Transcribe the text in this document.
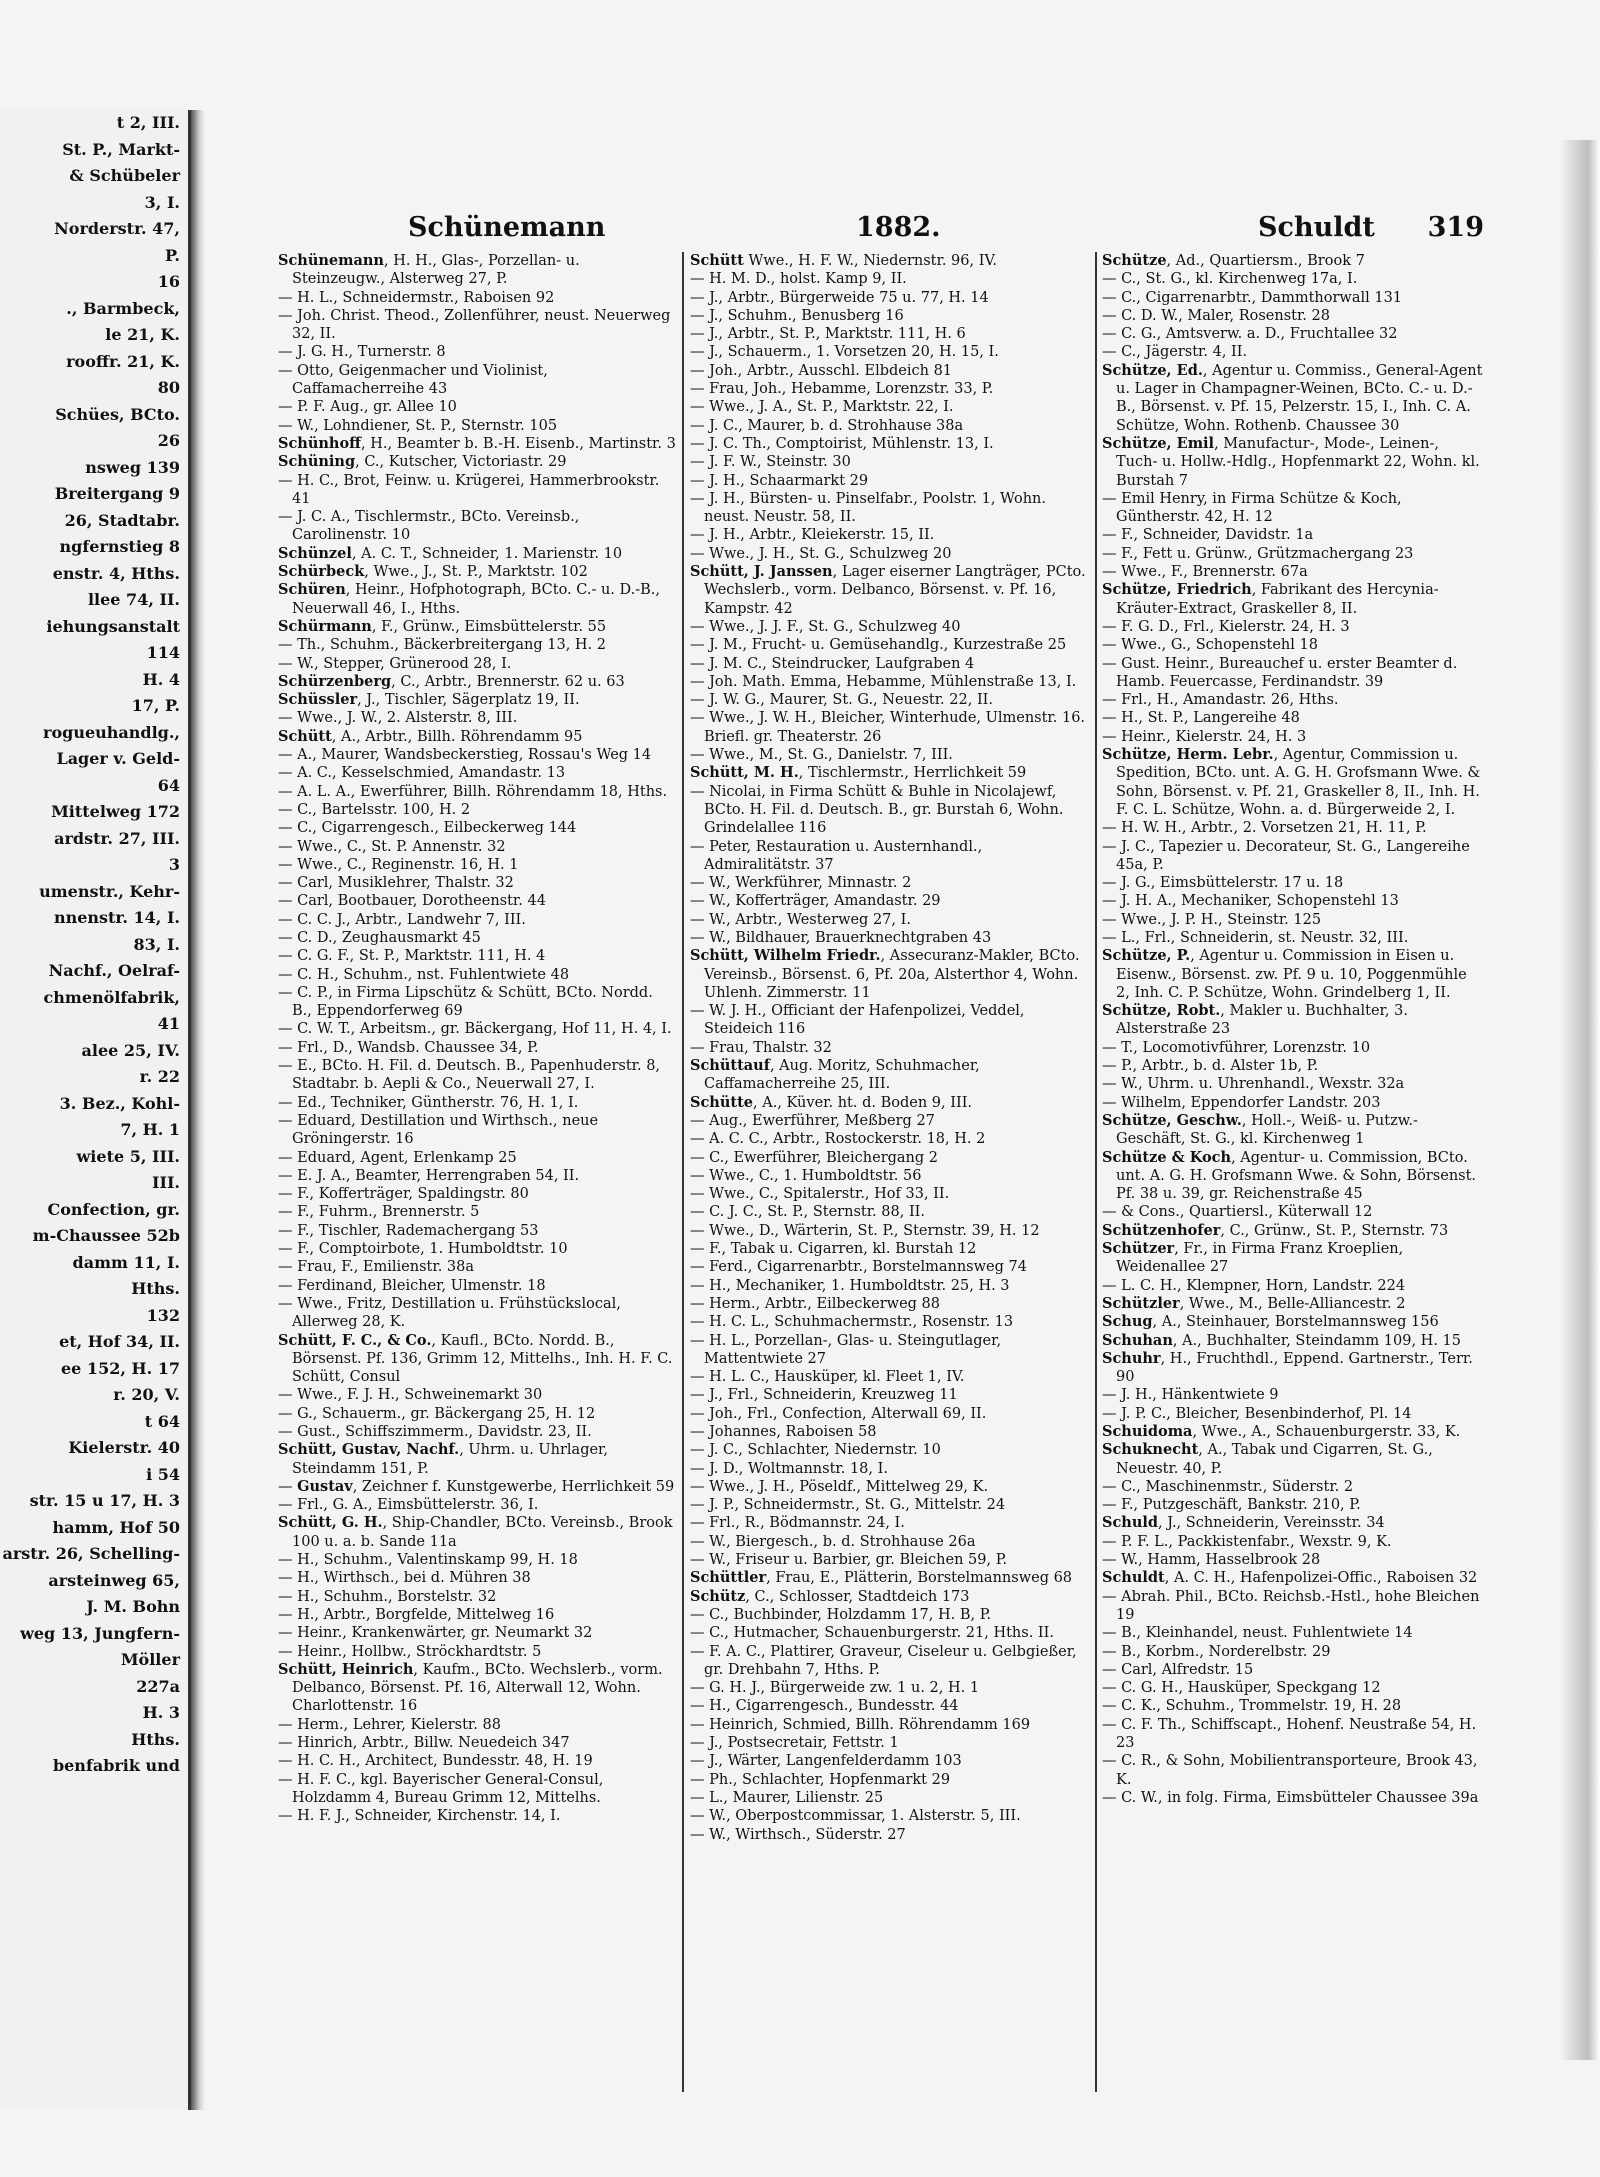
t 2, III.
St. P., Markt-
& Schübeler
3, I.
Norderstr. 47,
P.
16
., Barmbeck,
le 21, K.
rooffr. 21, K.
80
Schües, BCto.
26
nsweg 139
Breitergang 9
26, Stadtabr.
ngfernstieg 8
enstr. 4, Hths.
llee 74, II.
iehungsanstalt
114
H. 4
17, P.
rogueuhandlg.,
Lager v. Geld-
64
Mittelweg 172
ardstr. 27, III.
3
umenstr., Kehr-
nnenstr. 14, I.
83, I.
Nachf., Oelraf-
chmenölfabrik,
41
alee 25, IV.
r. 22
3. Bez., Kohl-
7, H. 1
wiete 5, III.
III.
Confection, gr.
m-Chaussee 52b
damm 11, I.
Hths.
132
et, Hof 34, II.
ee 152, H. 17
r. 20, V.
t 64
Kielerstr. 40
i 54
str. 15 u 17, H. 3
hamm, Hof 50
arstr. 26, Schelling-
arsteinweg 65,
J. M. Bohn
weg 13, Jungfern-
Möller
227a
H. 3
Hths.
benfabrik und
Schünemann	1882.	Schuldt 319

Schünemann, H. H., Glas-, Porzellan- u. Steinzeugw., Alsterweg 27, P.

— H. L., Schneidermstr., Raboisen 92

— Joh. Christ. Theod., Zollenführer, neust. Neuerweg 32, II.

— J. G. H., Turnerstr. 8

— Otto, Geigenmacher und Violinist, Caffamacherreihe 43

— P. F. Aug., gr. Allee 10

— W., Lohndiener, St. P., Sternstr. 105

Schünhoff, H., Beamter b. B.-H. Eisenb., Martinstr. 3

Schüning, C., Kutscher, Victoriastr. 29

— H. C., Brot, Feinw. u. Krügerei, Hammerbrookstr. 41

— J. C. A., Tischlermstr., BCto. Vereinsb., Carolinenstr. 10

Schünzel, A. C. T., Schneider, 1. Marienstr. 10

Schürbeck, Wwe., J., St. P., Marktstr. 102

Schüren, Heinr., Hofphotograph, BCto. C.- u. D.-B., Neuerwall 46, I., Hths.

Schürmann, F., Grünw., Eimsbüttelerstr. 55

— Th., Schuhm., Bäckerbreitergang 13, H. 2

— W., Stepper, Grünerood 28, I.

Schürzenberg, C., Arbtr., Brennerstr. 62 u. 63

Schüssler, J., Tischler, Sägerplatz 19, II.

— Wwe., J. W., 2. Alsterstr. 8, III.

Schütt, A., Arbtr., Billh. Röhrendamm 95

— A., Maurer, Wandsbeckerstieg, Rossau's Weg 14

— A. C., Kesselschmied, Amandastr. 13

— A. L. A., Ewerführer, Billh. Röhrendamm 18, Hths.

— C., Bartelsstr. 100, H. 2

— C., Cigarrengesch., Eilbeckerweg 144

— Wwe., C., St. P. Annenstr. 32

— Wwe., C., Reginenstr. 16, H. 1

— Carl, Musiklehrer, Thalstr. 32

— Carl, Bootbauer, Dorotheenstr. 44

— C. C. J., Arbtr., Landwehr 7, III.

— C. D., Zeughausmarkt 45

— C. G. F., St. P., Marktstr. 111, H. 4

— C. H., Schuhm., nst. Fuhlentwiete 48

— C. P., in Firma Lipschütz & Schütt, BCto. Nordd. B., Eppendorferweg 69

— C. W. T., Arbeitsm., gr. Bäckergang, Hof 11, H. 4, I.

— Frl., D., Wandsb. Chaussee 34, P.

— E., BCto. H. Fil. d. Deutsch. B., Papenhuderstr. 8, Stadtabr. b. Aepli & Co., Neuerwall 27, I.

— Ed., Techniker, Güntherstr. 76, H. 1, I.

— Eduard, Destillation und Wirthsch., neue Gröningerstr. 16

— Eduard, Agent, Erlenkamp 25

— E. J. A., Beamter, Herrengraben 54, II.

— F., Kofferträger, Spaldingstr. 80

— F., Fuhrm., Brennerstr. 5

— F., Tischler, Rademachergang 53

— F., Comptoirbote, 1. Humboldtstr. 10

— Frau, F., Emilienstr. 38a

— Ferdinand, Bleicher, Ulmenstr. 18

— Wwe., Fritz, Destillation u. Frühstückslocal, Allerweg 28, K.

Schütt, F. C., & Co., Kaufl., BCto. Nordd. B., Börsenst. Pf. 136, Grimm 12, Mittelhs., Inh. H. F. C. Schütt, Consul

— Wwe., F. J. H., Schweinemarkt 30

— G., Schauerm., gr. Bäckergang 25, H. 12

— Gust., Schiffszimmerm., Davidstr. 23, II.

Schütt, Gustav, Nachf., Uhrm. u. Uhrlager, Steindamm 151, P.

— Gustav, Zeichner f. Kunstgewerbe, Herrlichkeit 59

— Frl., G. A., Eimsbüttelerstr. 36, I.

Schütt, G. H., Ship-Chandler, BCto. Vereinsb., Brook 100 u. a. b. Sande 11a

— H., Schuhm., Valentinskamp 99, H. 18

— H., Wirthsch., bei d. Mühren 38

— H., Schuhm., Borstelstr. 32

— H., Arbtr., Borgfelde, Mittelweg 16

— Heinr., Krankenwärter, gr. Neumarkt 32

— Heinr., Hollbw., Ströckhardtstr. 5

Schütt, Heinrich, Kaufm., BCto. Wechslerb., vorm. Delbanco, Börsenst. Pf. 16, Alterwall 12, Wohn. Charlottenstr. 16

— Herm., Lehrer, Kielerstr. 88

— Hinrich, Arbtr., Billw. Neuedeich 347

— H. C. H., Architect, Bundesstr. 48, H. 19

— H. F. C., kgl. Bayerischer General-Consul, Holzdamm 4, Bureau Grimm 12, Mittelhs.

— H. F. J., Schneider, Kirchenstr. 14, I.

Schütt Wwe., H. F. W., Niedernstr. 96, IV.

— H. M. D., holst. Kamp 9, II.

— J., Arbtr., Bürgerweide 75 u. 77, H. 14

— J., Schuhm., Benusberg 16

— J., Arbtr., St. P., Marktstr. 111, H. 6

— J., Schauerm., 1. Vorsetzen 20, H. 15, I.

— Joh., Arbtr., Ausschl. Elbdeich 81

— Frau, Joh., Hebamme, Lorenzstr. 33, P.

— Wwe., J. A., St. P., Marktstr. 22, I.

— J. C., Maurer, b. d. Strohhause 38a

— J. C. Th., Comptoirist, Mühlenstr. 13, I.

— J. F. W., Steinstr. 30

— J. H., Schaarmarkt 29

— J. H., Bürsten- u. Pinselfabr., Poolstr. 1, Wohn. neust. Neustr. 58, II.

— J. H., Arbtr., Kleiekerstr. 15, II.

— Wwe., J. H., St. G., Schulzweg 20

Schütt, J. Janssen, Lager eiserner Langträger, PCto. Wechslerb., vorm. Delbanco, Börsenst. v. Pf. 16, Kampstr. 42

— Wwe., J. J. F., St. G., Schulzweg 40

— J. M., Frucht- u. Gemüsehandlg., Kurzestraße 25

— J. M. C., Steindrucker, Laufgraben 4

— Joh. Math. Emma, Hebamme, Mühlenstraße 13, I.

— J. W. G., Maurer, St. G., Neuestr. 22, II.

— Wwe., J. W. H., Bleicher, Winterhude, Ulmenstr. 16. Briefl. gr. Theaterstr. 26

— Wwe., M., St. G., Danielstr. 7, III.

Schütt, M. H., Tischlermstr., Herrlichkeit 59

— Nicolai, in Firma Schütt & Buhle in Nicolajewf, BCto. H. Fil. d. Deutsch. B., gr. Burstah 6, Wohn. Grindelallee 116

— Peter, Restauration u. Austernhandl., Admiralitätstr. 37

— W., Werkführer, Minnastr. 2

— W., Kofferträger, Amandastr. 29

— W., Arbtr., Westerweg 27, I.

— W., Bildhauer, Brauerknechtgraben 43

Schütt, Wilhelm Friedr., Assecuranz-Makler, BCto. Vereinsb., Börsenst. 6, Pf. 20a, Alsterthor 4, Wohn. Uhlenh. Zimmerstr. 11

— W. J. H., Officiant der Hafenpolizei, Veddel, Steideich 116

— Frau, Thalstr. 32

Schüttauf, Aug. Moritz, Schuhmacher, Caffamacherreihe 25, III.

Schütte, A., Küver. ht. d. Boden 9, III.

— Aug., Ewerführer, Meßberg 27

— A. C. C., Arbtr., Rostockerstr. 18, H. 2

— C., Ewerführer, Bleichergang 2

— Wwe., C., 1. Humboldtstr. 56

— Wwe., C., Spitalerstr., Hof 33, II.

— C. J. C., St. P., Sternstr. 88, II.

— Wwe., D., Wärterin, St. P., Sternstr. 39, H. 12

— F., Tabak u. Cigarren, kl. Burstah 12

— Ferd., Cigarrenarbtr., Borstelmannsweg 74

— H., Mechaniker, 1. Humboldtstr. 25, H. 3

— Herm., Arbtr., Eilbeckerweg 88

— H. C. L., Schuhmachermstr., Rosenstr. 13

— H. L., Porzellan-, Glas- u. Steingutlager, Mattentwiete 27

— H. L. C., Hausküper, kl. Fleet 1, IV.

— J., Frl., Schneiderin, Kreuzweg 11

— Joh., Frl., Confection, Alterwall 69, II.

— Johannes, Raboisen 58

— J. C., Schlachter, Niedernstr. 10

— J. D., Woltmannstr. 18, I.

— Wwe., J. H., Pöseldf., Mittelweg 29, K.

— J. P., Schneidermstr., St. G., Mittelstr. 24

— Frl., R., Bödmannstr. 24, I.

— W., Biergesch., b. d. Strohhause 26a

— W., Friseur u. Barbier, gr. Bleichen 59, P.

Schüttler, Frau, E., Plätterin, Borstelmannsweg 68

Schütz, C., Schlosser, Stadtdeich 173

— C., Buchbinder, Holzdamm 17, H. B, P.

— C., Hutmacher, Schauenburgerstr. 21, Hths. II.

— F. A. C., Plattirer, Graveur, Ciseleur u. Gelbgießer, gr. Drehbahn 7, Hths. P.

— G. H. J., Bürgerweide zw. 1 u. 2, H. 1

— H., Cigarrengesch., Bundesstr. 44

— Heinrich, Schmied, Billh. Röhrendamm 169

— J., Postsecretair, Fettstr. 1

— J., Wärter, Langenfelderdamm 103

— Ph., Schlachter, Hopfenmarkt 29

— L., Maurer, Lilienstr. 25

— W., Oberpostcommissar, 1. Alsterstr. 5, III.

— W., Wirthsch., Süderstr. 27

Schütze, Ad., Quartiersm., Brook 7

— C., St. G., kl. Kirchenweg 17a, I.

— C., Cigarrenarbtr., Dammthorwall 131

— C. D. W., Maler, Rosenstr. 28

— C. G., Amtsverw. a. D., Fruchtallee 32

— C., Jägerstr. 4, II.

Schütze, Ed., Agentur u. Commiss., General-Agent u. Lager in Champagner-Weinen, BCto. C.- u. D.-B., Börsenst. v. Pf. 15, Pelzerstr. 15, I., Inh. C. A. Schütze, Wohn. Rothenb. Chaussee 30

Schütze, Emil, Manufactur-, Mode-, Leinen-, Tuch- u. Hollw.-Hdlg., Hopfenmarkt 22, Wohn. kl. Burstah 7

— Emil Henry, in Firma Schütze & Koch, Güntherstr. 42, H. 12

— F., Schneider, Davidstr. 1a

— F., Fett u. Grünw., Grützmachergang 23

— Wwe., F., Brennerstr. 67a

Schütze, Friedrich, Fabrikant des Hercynia-Kräuter-Extract, Graskeller 8, II.

— F. G. D., Frl., Kielerstr. 24, H. 3

— Wwe., G., Schopenstehl 18

— Gust. Heinr., Bureauchef u. erster Beamter d. Hamb. Feuercasse, Ferdinandstr. 39

— Frl., H., Amandastr. 26, Hths.

— H., St. P., Langereihe 48

— Heinr., Kielerstr. 24, H. 3

Schütze, Herm. Lebr., Agentur, Commission u. Spedition, BCto. unt. A. G. H. Grofsmann Wwe. & Sohn, Börsenst. v. Pf. 21, Graskeller 8, II., Inh. H. F. C. L. Schütze, Wohn. a. d. Bürgerweide 2, I.

— H. W. H., Arbtr., 2. Vorsetzen 21, H. 11, P.

— J. C., Tapezier u. Decorateur, St. G., Langereihe 45a, P.

— J. G., Eimsbüttelerstr. 17 u. 18

— J. H. A., Mechaniker, Schopenstehl 13

— Wwe., J. P. H., Steinstr. 125

— L., Frl., Schneiderin, st. Neustr. 32, III.

Schütze, P., Agentur u. Commission in Eisen u. Eisenw., Börsenst. zw. Pf. 9 u. 10, Poggenmühle 2, Inh. C. P. Schütze, Wohn. Grindelberg 1, II.

Schütze, Robt., Makler u. Buchhalter, 3. Alsterstraße 23

— T., Locomotivführer, Lorenzstr. 10

— P., Arbtr., b. d. Alster 1b, P.

— W., Uhrm. u. Uhrenhandl., Wexstr. 32a

— Wilhelm, Eppendorfer Landstr. 203

Schütze, Geschw., Holl.-, Weiß- u. Putzw.-Geschäft, St. G., kl. Kirchenweg 1

Schütze & Koch, Agentur- u. Commission, BCto. unt. A. G. H. Grofsmann Wwe. & Sohn, Börsenst. Pf. 38 u. 39, gr. Reichenstraße 45

— & Cons., Quartiersl., Küterwall 12

Schützenhofer, C., Grünw., St. P., Sternstr. 73

Schützer, Fr., in Firma Franz Kroeplien, Weidenallee 27

— L. C. H., Klempner, Horn, Landstr. 224

Schützler, Wwe., M., Belle-Alliancestr. 2

Schug, A., Steinhauer, Borstelmannsweg 156

Schuhan, A., Buchhalter, Steindamm 109, H. 15

Schuhr, H., Fruchthdl., Eppend. Gartnerstr., Terr. 90

— J. H., Hänkentwiete 9

— J. P. C., Bleicher, Besenbinderhof, Pl. 14

Schuidoma, Wwe., A., Schauenburgerstr. 33, K.

Schuknecht, A., Tabak und Cigarren, St. G., Neuestr. 40, P.

— C., Maschinenmstr., Süderstr. 2

— F., Putzgeschäft, Bankstr. 210, P.

Schuld, J., Schneiderin, Vereinsstr. 34

— P. F. L., Packkistenfabr., Wexstr. 9, K.

— W., Hamm, Hasselbrook 28

Schuldt, A. C. H., Hafenpolizei-Offic., Raboisen 32

— Abrah. Phil., BCto. Reichsb.-Hstl., hohe Bleichen 19

— B., Kleinhandel, neust. Fuhlentwiete 14

— B., Korbm., Norderelbstr. 29

— Carl, Alfredstr. 15

— C. G. H., Hausküper, Speckgang 12

— C. K., Schuhm., Trommelstr. 19, H. 28

— C. F. Th., Schiffscapt., Hohenf. Neustraße 54, H. 23

— C. R., & Sohn, Mobilientransporteure, Brook 43, K.

— C. W., in folg. Firma, Eimsbütteler Chaussee 39a
